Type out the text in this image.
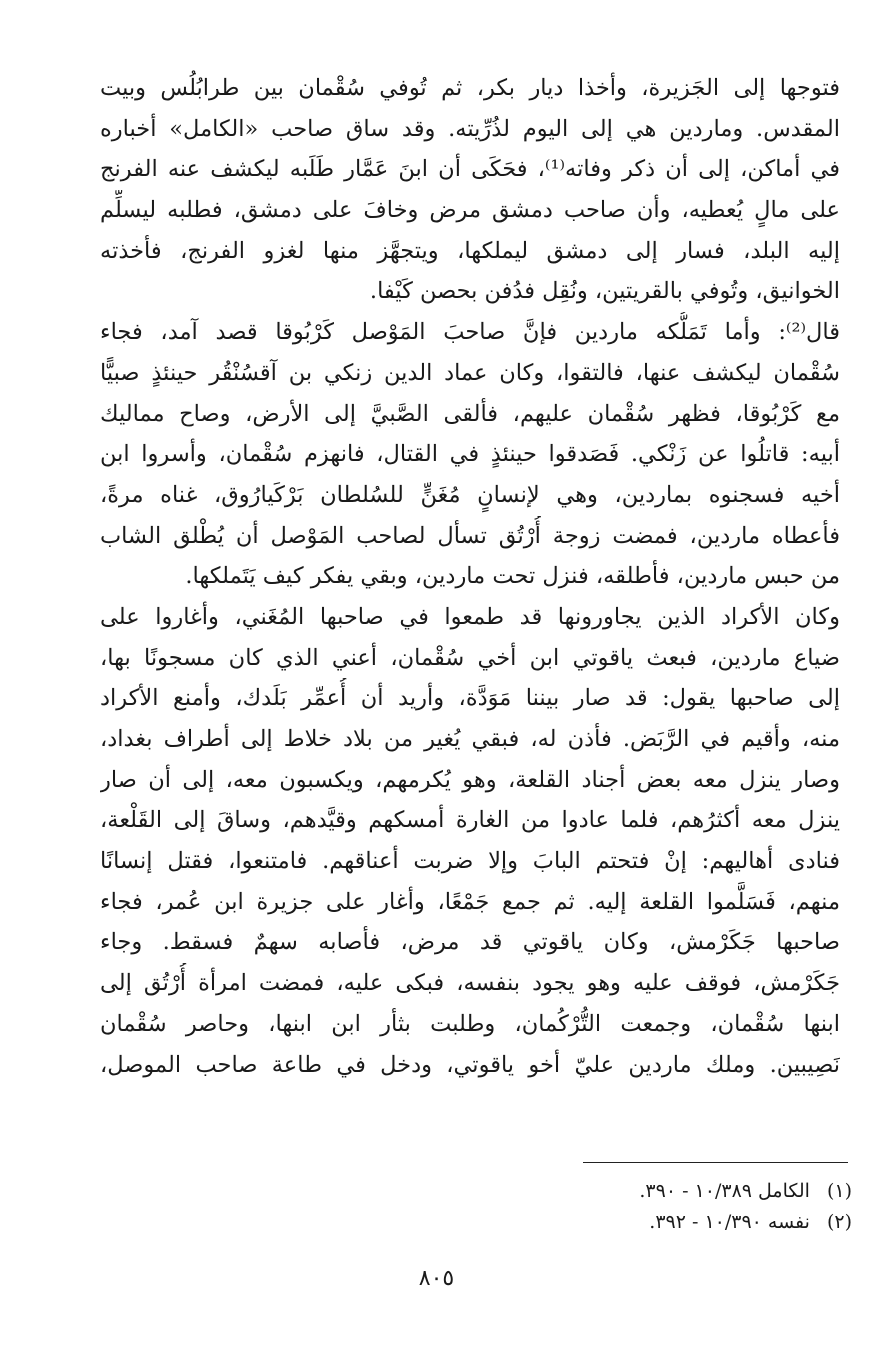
فتوجها إلى الجَزيرة، وأخذا ديار بكر، ثم تُوفي سُقْمان بين طرابُلُس وبيت
المقدس. وماردين هي إلى اليوم لذُرِّيته. وقد ساق صاحب «الكامل» أخباره
في أماكن، إلى أن ذكر وفاته⁽¹⁾، فحَكَى أن ابنَ عَمَّار طَلَبه ليكشف عنه الفرنج
على مالٍ يُعطيه، وأن صاحب دمشق مرض وخافَ على دمشق، فطلبه ليسلِّم
إليه البلد، فسار إلى دمشق ليملكها، ويتجهَّز منها لغزو الفرنج، فأخذته
الخوانيق، وتُوفي بالقريتين، ونُقِل فدُفن بحصن كَيْفا.
قال⁽²⁾: وأما تَمَلُّكه ماردين فإنَّ صاحبَ المَوْصل كَرْبُوقا قصد آمد، فجاء
سُقْمان ليكشف عنها، فالتقوا، وكان عماد الدين زنكي بن آقسُنْقُر حينئذٍ صبيًّا
مع كَرْبُوقا، فظهر سُقْمان عليهم، فألقى الصَّبيَّ إلى الأرض، وصاح مماليك
أبيه: قاتلُوا عن زَنْكي. فَصَدقوا حينئذٍ في القتال، فانهزم سُقْمان، وأسروا ابن
أخيه فسجنوه بماردين، وهي لإنسانٍ مُغَنٍّ للسُلطان بَرْكَيارُوق، غناه مرةً،
فأعطاه ماردين، فمضت زوجة أُرْتُق تسأل لصاحب المَوْصل أن يُطْلق الشاب
من حبس ماردين، فأطلقه، فنزل تحت ماردين، وبقي يفكر كيف يَتَملكها.
وكان الأكراد الذين يجاورونها قد طمعوا في صاحبها المُغَني، وأغاروا على
ضياع ماردين، فبعث ياقوتي ابن أخي سُقْمان، أعني الذي كان مسجونًا بها،
إلى صاحبها يقول: قد صار بيننا مَوَدَّة، وأريد أن أُعمِّر بَلَدك، وأمنع الأكراد
منه، وأقيم في الرَّبَض. فأذن له، فبقي يُغير من بلاد خلاط إلى أطراف بغداد،
وصار ينزل معه بعض أجناد القلعة، وهو يُكرمهم، ويكسبون معه، إلى أن صار
ينزل معه أكثرُهم، فلما عادوا من الغارة أمسكهم وقيَّدهم، وساقَ إلى القَلْعة،
فنادى أهاليهم: إنْ فتحتم البابَ وإلا ضربت أعناقهم. فامتنعوا، فقتل إنسانًا
منهم، فَسَلَّموا القلعة إليه. ثم جمع جَمْعًا، وأغار على جزيرة ابن عُمر، فجاء
صاحبها جَكَرْمش، وكان ياقوتي قد مرض، فأصابه سهمٌ فسقط. وجاء
جَكَرْمش، فوقف عليه وهو يجود بنفسه، فبكى عليه، فمضت امرأة أُرْتُق إلى
ابنها سُقْمان، وجمعت التُّرْكُمان، وطلبت بثأر ابن ابنها، وحاصر سُقْمان
نَصِيبين. وملك ماردين عليّ أخو ياقوتي، ودخل في طاعة صاحب الموصل،
(١) الكامل ١٠/٣٨٩ - ٣٩٠.
(٢) نفسه ١٠/٣٩٠ - ٣٩٢.
٨٠٥
